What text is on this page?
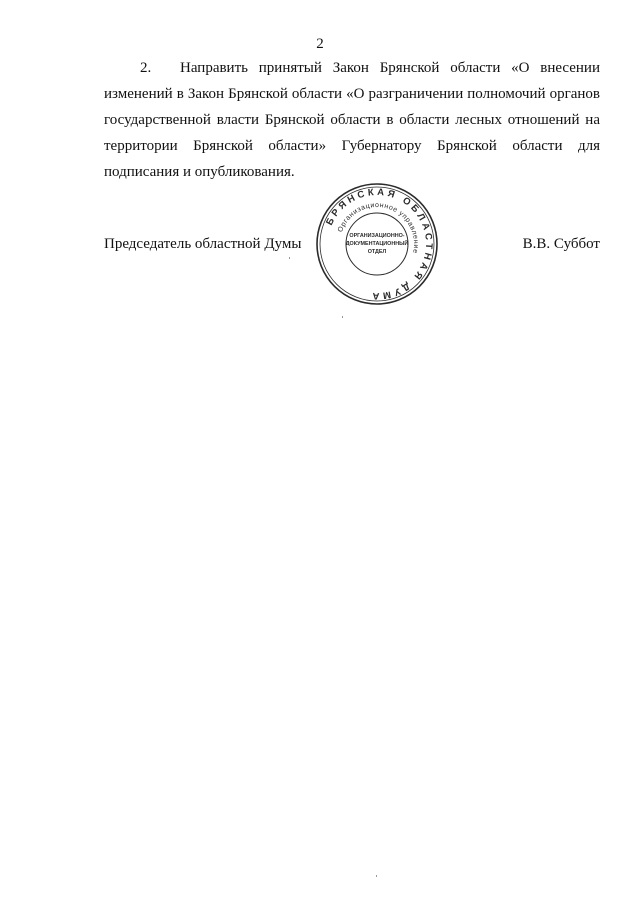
2

2. Направить принятый Закон Брянской области «О внесении изменений в Закон Брянской области «О разграничении полномочий органов государственной власти Брянской области в области лесных отношений на территории Брянской области» Губернатору Брянской области для подписания и опубликования.

Председатель областной Думы
БРЯНСКАЯ ОБЛАСТНАЯ ДУМА
Организационное управление
ОРГАНИЗАЦИОННО-
ДОКУМЕНТАЦИОННЫЙ
ОТДЕЛ	В.В. Суббот
